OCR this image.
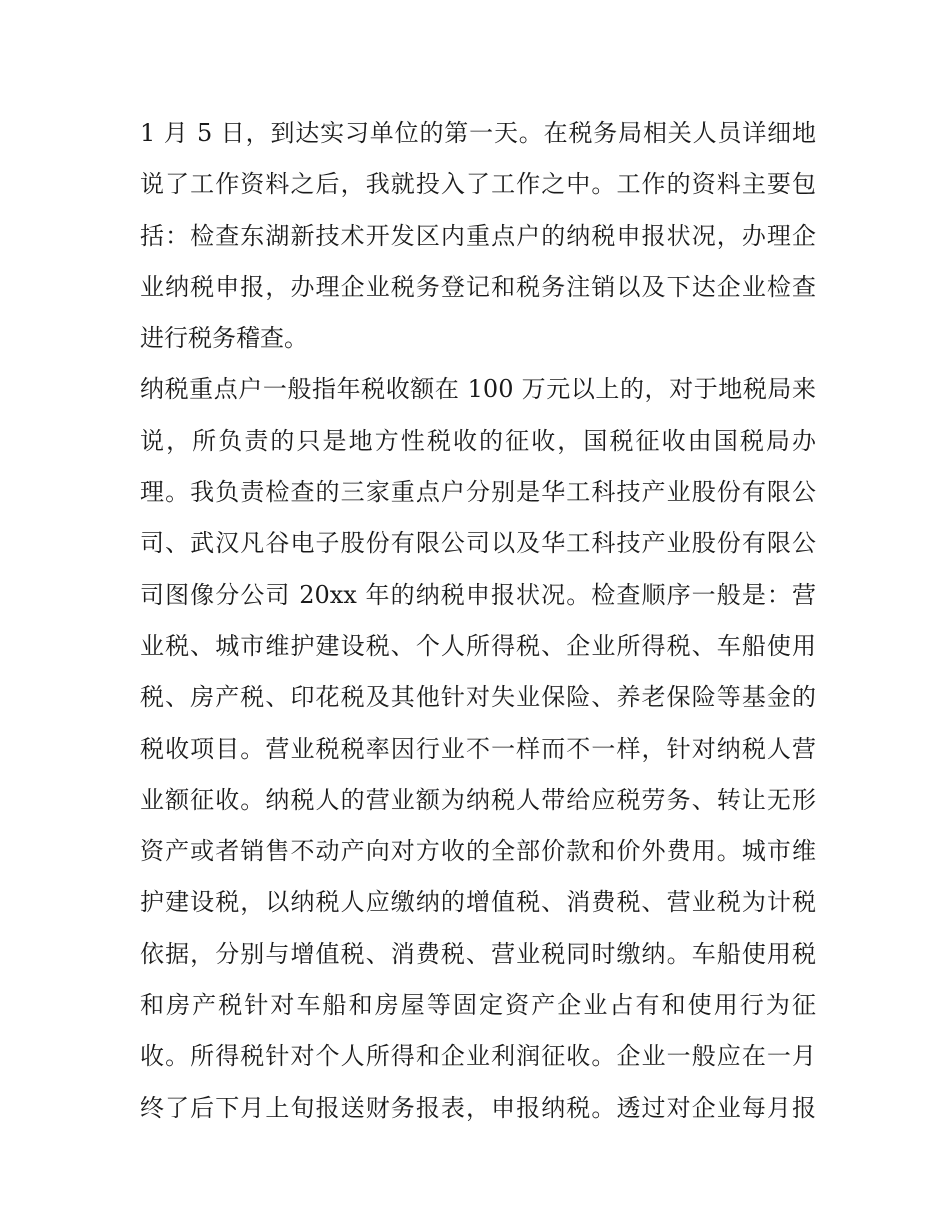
1 月 5 日，到达实习单位的第一天。在税务局相关人员详细地
说了工作资料之后，我就投入了工作之中。工作的资料主要包
括：检查东湖新技术开发区内重点户的纳税申报状况，办理企
业纳税申报，办理企业税务登记和税务注销以及下达企业检查
进行税务稽查。
纳税重点户一般指年税收额在 100 万元以上的，对于地税局来
说，所负责的只是地方性税收的征收，国税征收由国税局办
理。我负责检查的三家重点户分别是华工科技产业股份有限公
司、武汉凡谷电子股份有限公司以及华工科技产业股份有限公
司图像分公司 20xx 年的纳税申报状况。检查顺序一般是：营
业税、城市维护建设税、个人所得税、企业所得税、车船使用
税、房产税、印花税及其他针对失业保险、养老保险等基金的
税收项目。营业税税率因行业不一样而不一样，针对纳税人营
业额征收。纳税人的营业额为纳税人带给应税劳务、转让无形
资产或者销售不动产向对方收的全部价款和价外费用。城市维
护建设税，以纳税人应缴纳的增值税、消费税、营业税为计税
依据，分别与增值税、消费税、营业税同时缴纳。车船使用税
和房产税针对车船和房屋等固定资产企业占有和使用行为征
收。所得税针对个人所得和企业利润征收。企业一般应在一月
终了后下月上旬报送财务报表，申报纳税。透过对企业每月报
